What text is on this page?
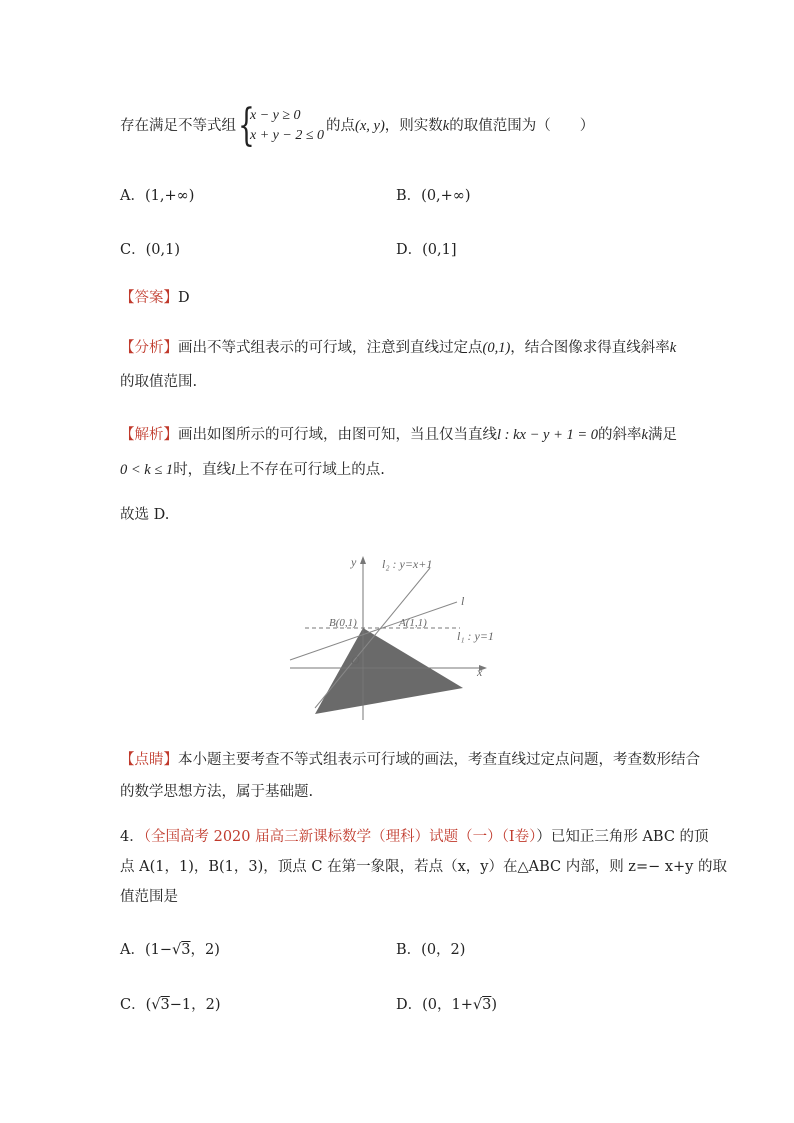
存在满足不等式组 {
x − y ≥ 0
x + y − 2 ≤ 0
的点(x, y)，则实数k的取值范围为（　　）
A．(1,+∞)	B．(0,+∞)
C．(0,1)	D．(0,1]
【答案】D
【分析】画出不等式组表示的可行域，注意到直线过定点(0,1)，结合图像求得直线斜率k
的取值范围.
【解析】画出如图所示的可行域，由图可知，当且仅当直线l : kx − y + 1 = 0的斜率k满足
0 < k ≤ 1时，直线l上不存在可行域上的点.
故选 D.
y
x
O
l₂ : y=x+1
l
l₁ : y=1
B(0,1)	A(1,1)
【点睛】本小题主要考查不等式组表示可行域的画法，考查直线过定点问题，考查数形结合
的数学思想方法，属于基础题.
4．（全国高考 2020 届高三新课标数学（理科）试题（一）（Ⅰ卷））已知正三角形 ABC 的顶
点 A(1，1)，B(1，3)，顶点 C 在第一象限，若点（x，y）在△ABC 内部，则 z=− x+y 的取
值范围是
A．(1−√3，2)	B．(0，2)
C．(√3−1，2)	D．(0，1+√3)
